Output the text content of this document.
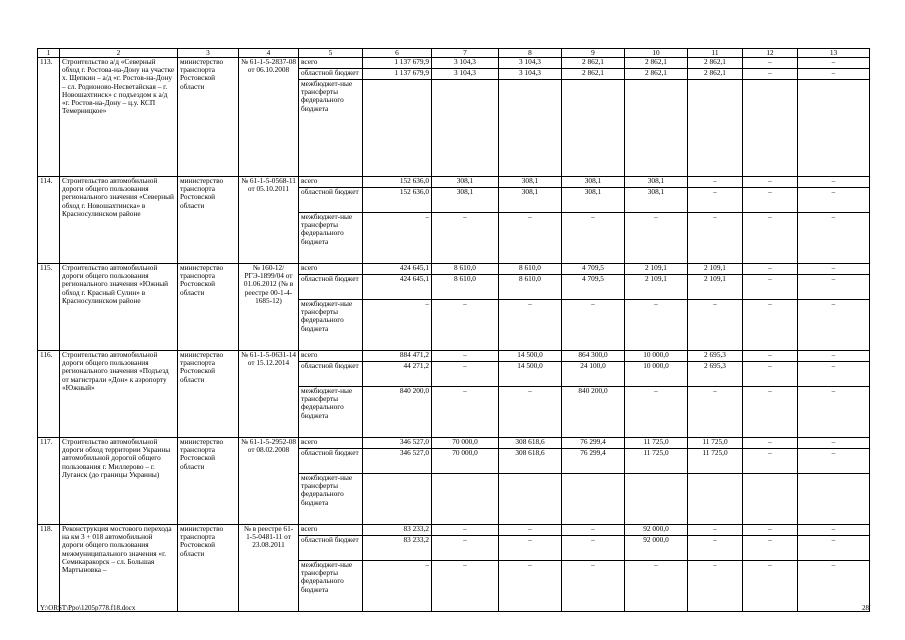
1	2	3	4	5	6	7	8	9	10	11	12	13
113.	Строительство а/д «Северный обход г. Ростова-на-Дону на участке х. Щепкин – а/д «г. Ростов-на-Дону – сл. Родионово-Несветайская – г. Новошахтинск» с подъездом к а/д «г. Ростов-на-Дону – ц.у. КСП Темерницкое»	министерство транспорта Ростовской области	№ 61-1-5-2837-08 от 06.10.2008	всего	1 137 679,9	3 104,3	3 104,3	2 862,1	2 862,1	2 862,1	–	–
				областной бюджет	1 137 679,9	3 104,3	3 104,3	2 862,1	2 862,1	2 862,1	–	–
				межбюджет-ные трансферты федерального бюджета								
114.	Строительство автомобильной дороги общего пользования регионального значения «Северный обход г. Новошахтинска» в Красносулинском районе	министерство транспорта Ростовской области	№ 61-1-5-0568-11 от 05.10.2011	всего	152 636,0	308,1	308,1	308,1	308,1	–	–	–
				областной бюджет	152 636,0	308,1	308,1	308,1	308,1	–	–	–
				межбюджет-ные трансферты федерального бюджета	–	–	–	–	–	–	–	–
115.	Строительство автомобильной дороги общего пользования регионального значения «Южный обход г. Красный Сулин» в Красносулинском районе	министерство транспорта Ростовской области	№ 160-12/ РГЭ-1899/04 от 01.06.2012 (№ в реестре 00-1-4-1685-12)	всего	424 645,1	8 610,0	8 610,0	4 709,5	2 109,1	2 109,1	–	–
				областной бюджет	424 645,1	8 610,0	8 610,0	4 709,5	2 109,1	2 109,1	–	–
				межбюджет-ные трансферты федерального бюджета	–	–	–	–	–	–	–	–
116.	Строительство автомобильной дороги общего пользования регионального значения «Подъезд от магистрали «Дон» к аэропорту «Южный»	министерство транспорта Ростовской области	№ 61-1-5-0631-14 от 15.12.2014	всего	884 471,2	–	14 500,0	864 300,0	10 000,0	2 695,3	–	–
				областной бюджет	44 271,2	–	14 500,0	24 100,0	10 000,0	2 695,3	–	–
				межбюджет-ные трансферты федерального бюджета	840 200,0	–	–	840 200,0	–	–	–	–
117.	Строительство автомобильной дороги обход территории Украины автомобильной дорогой общего пользования г. Миллерово – г. Луганск (до границы Украины)	министерство транспорта Ростовской области	№ 61-1-5-2952-08 от 08.02.2008	всего	346 527,0	70 000,0	308 618,6	76 299,4	11 725,0	11 725,0	–	–
				областной бюджет	346 527,0	70 000,0	308 618,6	76 299,4	11 725,0	11 725,0	–	–
				межбюджет-ные трансферты федерального бюджета								
118.	Реконструкция мостового перехода на км 3 + 018 автомобильной дороги общего пользования межмуниципального значения «г. Семикаракорск – сл. Большая Мартыновка –	министерство транспорта Ростовской области	№ в реестре 61-1-5-0481-11 от 23.08.2011	всего	83 233,2	–	–	–	92 000,0	–	–	–
				областной бюджет	83 233,2	–	–	–	92 000,0	–	–	–
				межбюджет-ные трансферты федерального бюджета	–	–	–	–	–	–	–	–
Y:\ORST\Ppo\1205p778.f18.docx	28
